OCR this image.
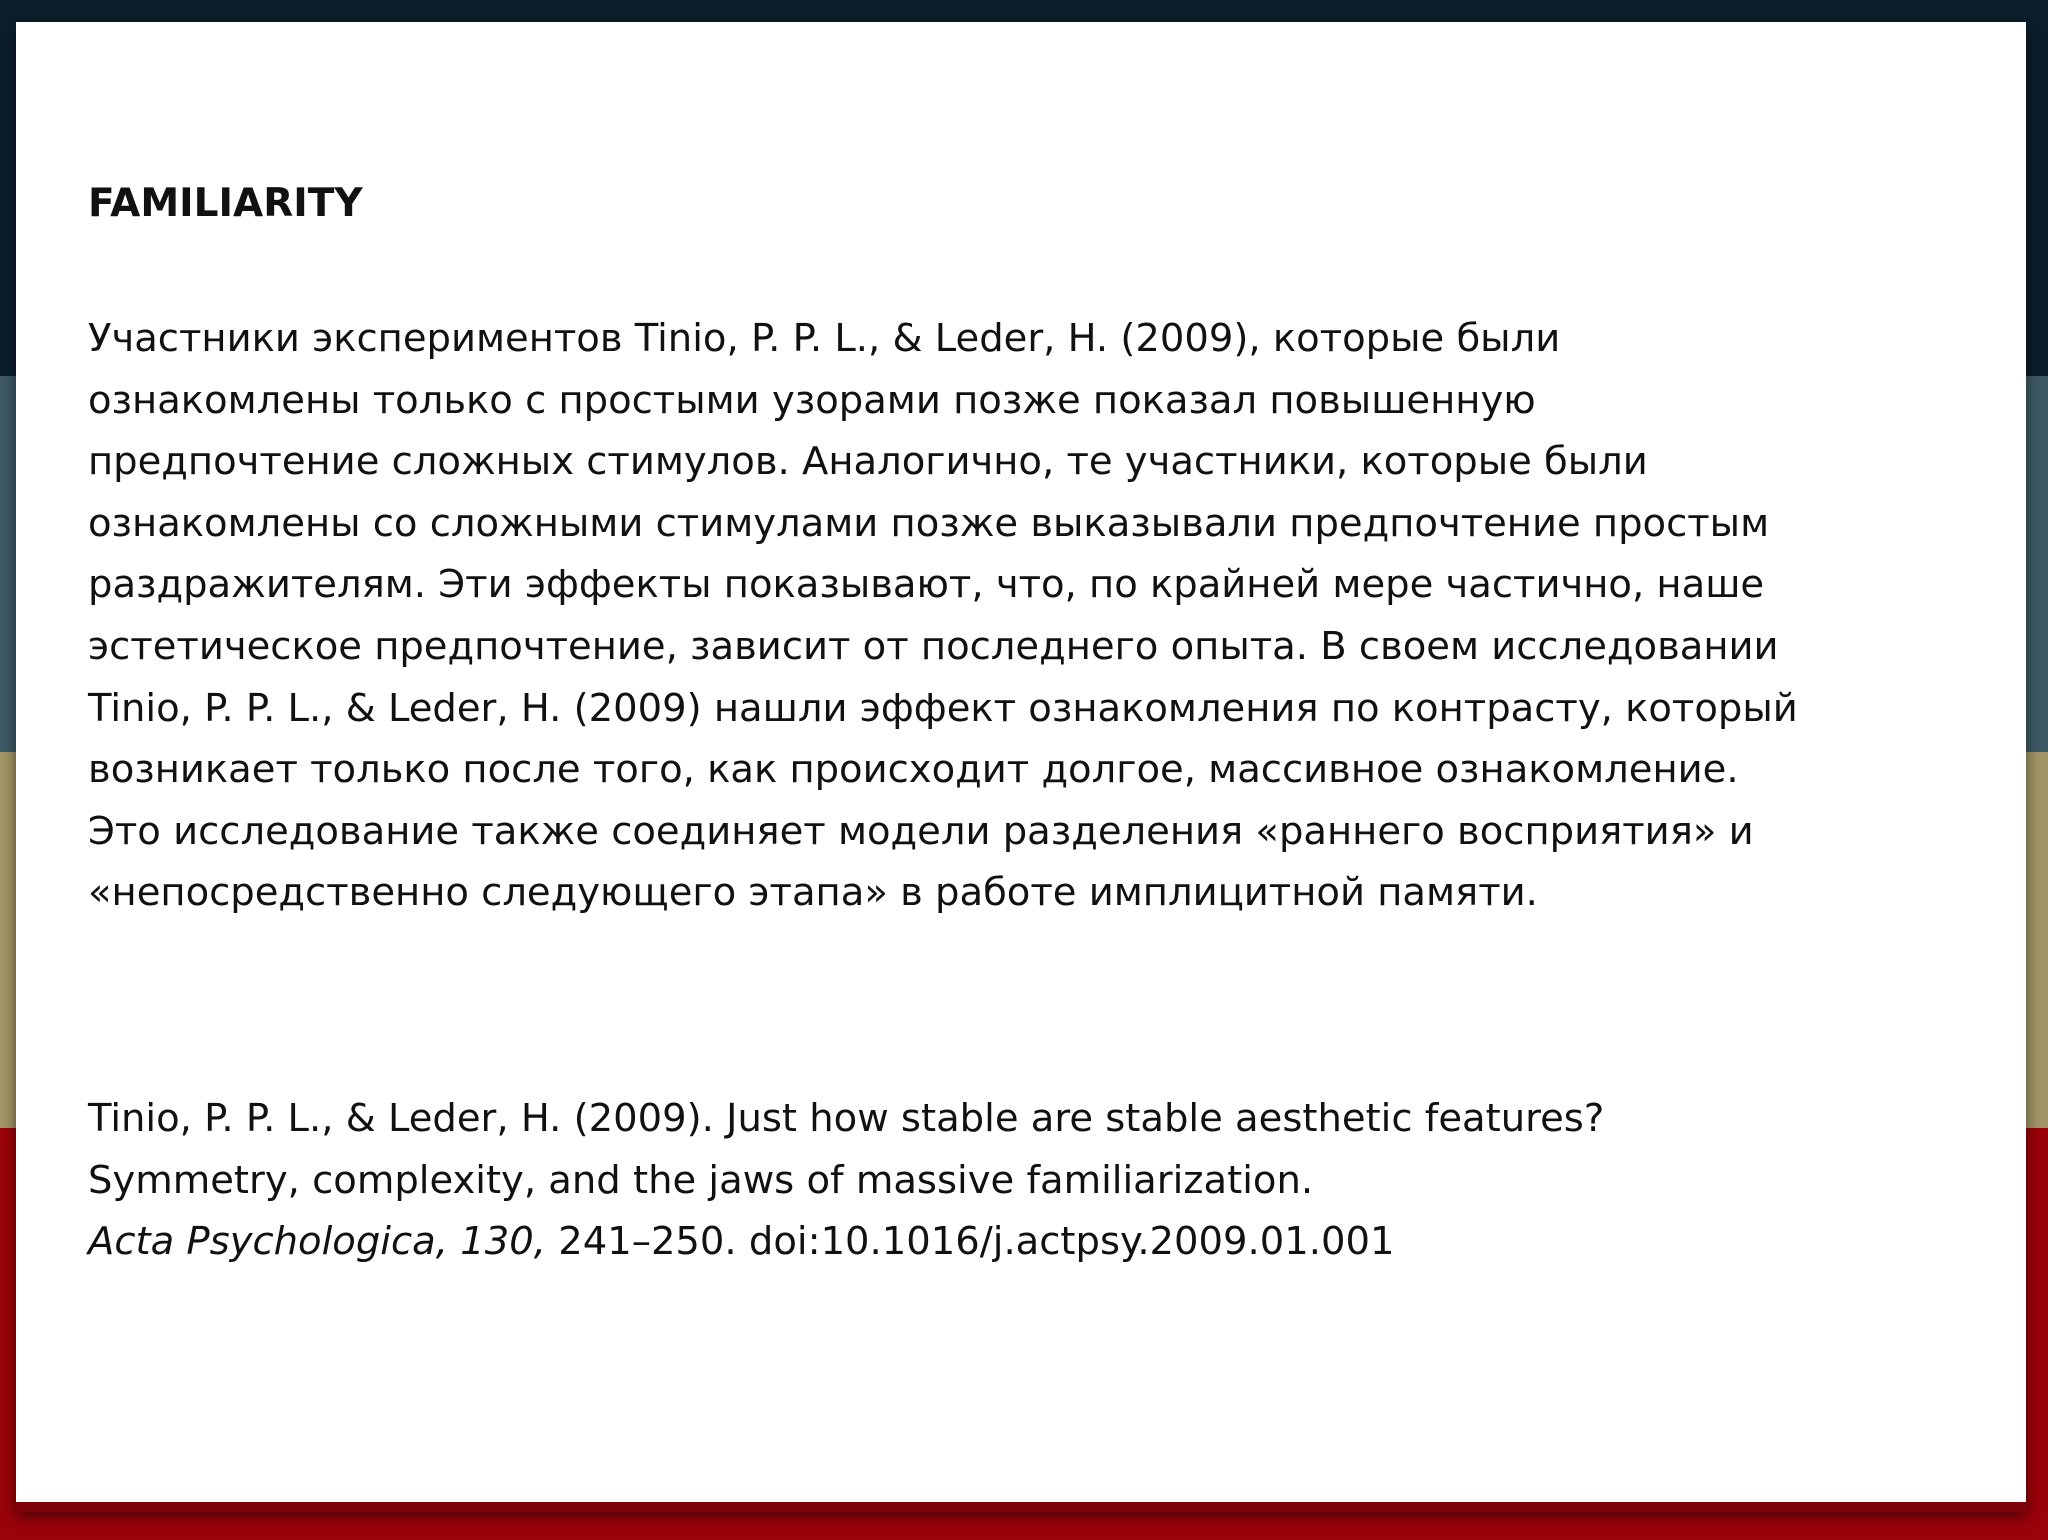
FAMILIARITY

Участники экспериментов Tinio, P. P. L., & Leder, H. (2009), которые были
ознакомлены только с простыми узорами позже показал повышенную
предпочтение сложных стимулов. Аналогично, те участники, которые были
ознакомлены со сложными стимулами позже выказывали предпочтение простым
раздражителям. Эти эффекты показывают, что, по крайней мере частично, наше
эстетическое предпочтение, зависит от последнего опыта. В своем исследовании
Tinio, P. P. L., & Leder, H. (2009) нашли эффект ознакомления по контрасту, который
возникает только после того, как происходит долгое, массивное ознакомление.
Это исследование также соединяет модели разделения «раннего восприятия» и
«непосредственно следующего этапа» в работе имплицитной памяти.

Tinio, P. P. L., & Leder, H. (2009). Just how stable are stable aesthetic features?
Symmetry, complexity, and the jaws of massive familiarization.
Acta Psychologica, 130, 241–250. doi:10.1016/j.actpsy.2009.01.001
